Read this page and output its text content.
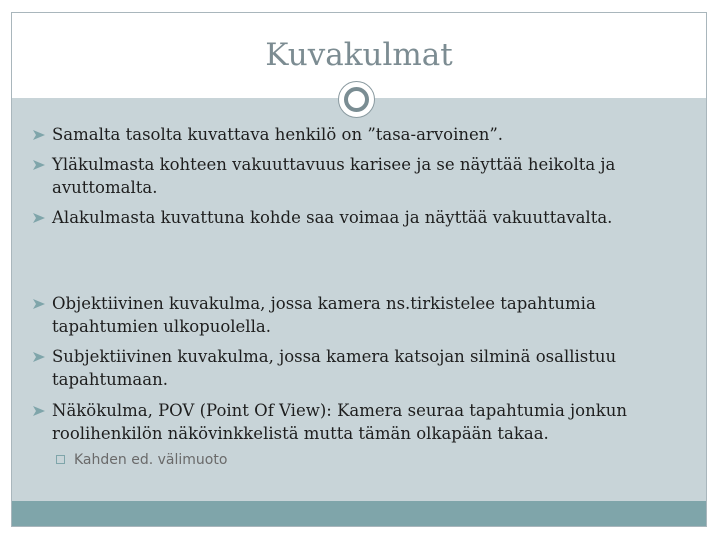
Kuvakulmat
Samalta tasolta kuvattava henkilö on ”tasa-arvoinen”.
Yläkulmasta kohteen vakuuttavuus karisee ja se näyttää heikolta ja avuttomalta.
Alakulmasta kuvattuna kohde saa voimaa ja näyttää vakuuttavalta.
Objektiivinen kuvakulma, jossa kamera ns.tirkistelee tapahtumia tapahtumien ulkopuolella.
Subjektiivinen kuvakulma, jossa kamera katsojan silminä osallistuu tapahtumaan.
Näkökulma, POV (Point Of View): Kamera seuraa tapahtumia jonkun roolihenkilön näkövinkkelistä mutta tämän olkapään takaa.
Kahden ed. välimuoto
